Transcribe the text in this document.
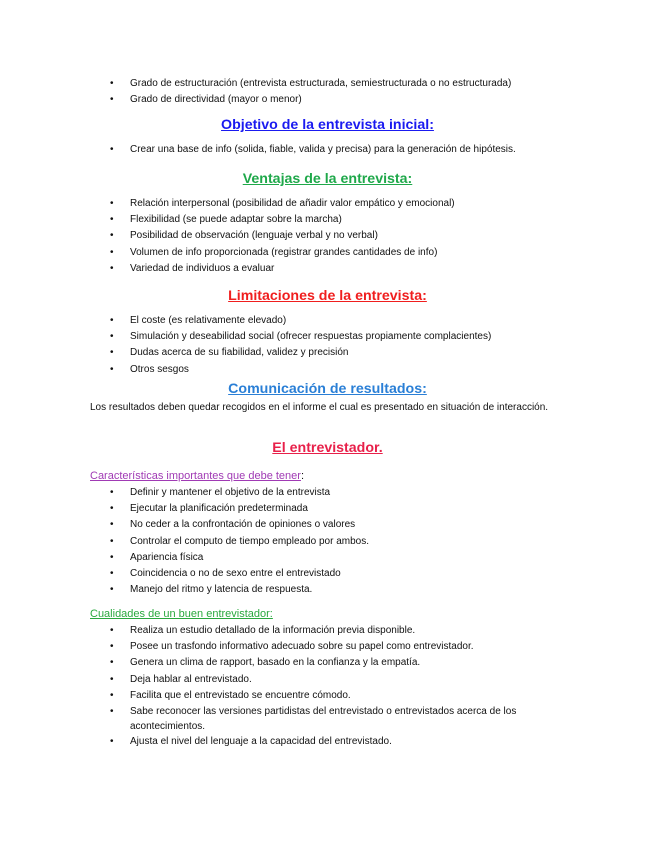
• Grado de estructuración (entrevista estructurada, semiestructurada o no estructurada)
• Grado de directividad (mayor o menor)
Objetivo de la entrevista inicial:
• Crear una base de info (solida, fiable, valida y precisa) para la generación de hipótesis.
Ventajas de la entrevista:
• Relación interpersonal (posibilidad de añadir valor empático y emocional)
• Flexibilidad (se puede adaptar sobre la marcha)
• Posibilidad de observación (lenguaje verbal y no verbal)
• Volumen de info proporcionada (registrar grandes cantidades de info)
• Variedad de individuos a evaluar
Limitaciones de la entrevista:
• El coste (es relativamente elevado)
• Simulación y deseabilidad social (ofrecer respuestas propiamente complacientes)
• Dudas acerca de su fiabilidad, validez y precisión
• Otros sesgos
Comunicación de resultados:
Los resultados deben quedar recogidos en el informe el cual es presentado en situación de interacción.
El entrevistador.
Características importantes que debe tener:
• Definir y mantener el objetivo de la entrevista
• Ejecutar la planificación predeterminada
• No ceder a la confrontación de opiniones o valores
• Controlar el computo de tiempo empleado por ambos.
• Apariencia física
• Coincidencia o no de sexo entre el entrevistado
• Manejo del ritmo y latencia de respuesta.
Cualidades de un buen entrevistador:
• Realiza un estudio detallado de la información previa disponible.
• Posee un trasfondo informativo adecuado sobre su papel como entrevistador.
• Genera un clima de rapport, basado en la confianza y la empatía.
• Deja hablar al entrevistado.
• Facilita que el entrevistado se encuentre cómodo.
• Sabe reconocer las versiones partidistas del entrevistado o entrevistados acerca de los acontecimientos.
• Ajusta el nivel del lenguaje a la capacidad del entrevistado.
